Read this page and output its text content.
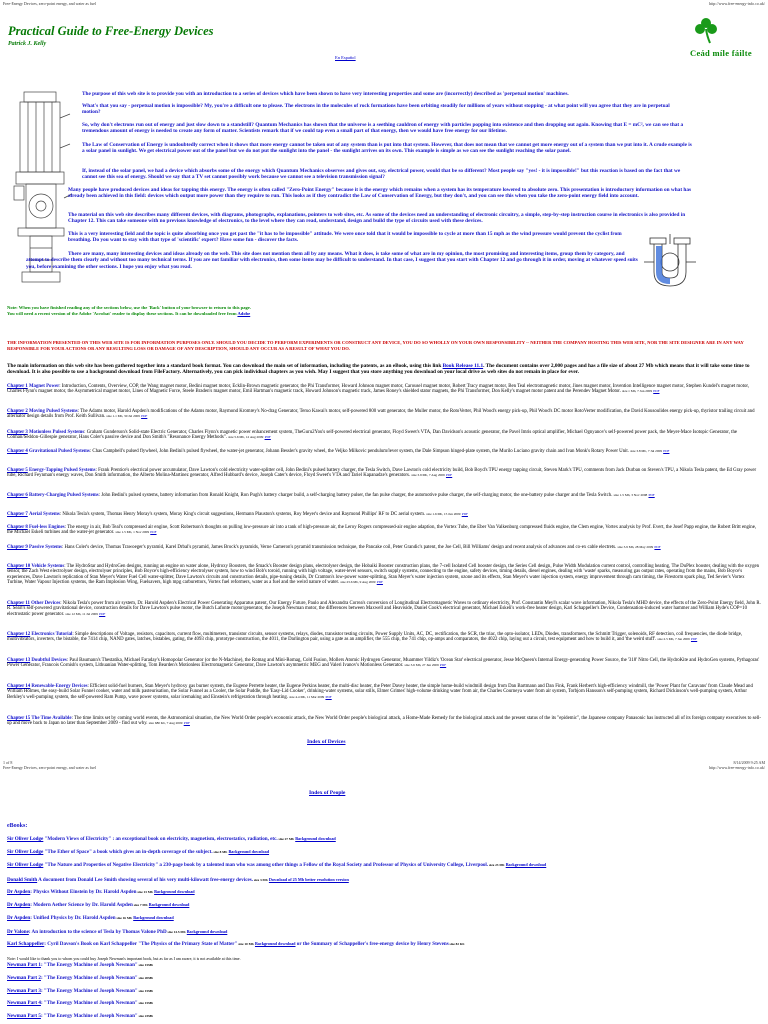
Free-Energy Devices, zero-point energy, and water as fuel	http://www.free-energy-info.co.uk/
Practical Guide to Free-Energy Devices
Patrick J. Kelly
En Español	Ceád míle fáilte

The purpose of this web site is to provide you with an introduction to a series of devices which have been shown to have very interesting properties and some are (incorrectly) described as 'perpetual motion' machines.

What's that you say - perpetual motion is impossible? My, you're a difficult one to please. The electrons in the molecules of rock formations have been orbiting steadily for millions of years without stopping - at what point will you agree that they are in perpetual motion?

So, why don't electrons run out of energy and just slow down to a standstill? Quantum Mechanics has shown that the universe is a seething cauldron of energy with particles popping into existence and then dropping out again. Knowing that E = mC², we can see that a tremendous amount of energy is needed to create any form of matter. Scientists remark that if we could tap even a small part of that energy, then we would have free energy for our lifetime.

The Law of Conservation of Energy is undoubtedly correct when it shows that more energy cannot be taken out of any system than is put into that system. However, that does not mean that we cannot get more energy out of a system than we put into it. A crude example is a solar panel in sunlight. We get electrical power out of the panel but we do not put the sunlight into the panel - the sunlight arrives on its own. This example is simple as we can see the sunlight reaching the solar panel.

If, instead of the solar panel, we had a device which absorbs some of the energy which Quantum Mechanics observes and gives out, say, electrical power, would that be so different? Most people say "yes! - it is impossible!" but this reaction is based on the fact that we cannot see this sea of energy. Should we say that a TV set cannot possibly work because we cannot see a television transmission signal?

Many people have produced devices and ideas for tapping this energy. The energy is often called "Zero-Point Energy" because it is the energy which remains when a system has its temperature lowered to absolute zero. This presentation is introductory information on what has already been achieved in this field: devices which output more power than they require to run. This looks as if they contradict the Law of Conservation of Energy, but they don't, and you can see this when you take the zero-point energy field into account.

The material on this web site describes many different devices, with diagrams, photographs, explanations, pointers to web sites, etc. As some of the devices need an understanding of electronic circuitry, a simple, step-by-step instruction course in electronics is also provided in Chapter 12. This can take someone with no previous knowledge of electronics, to the level where they can read, understand, design and build the type of circuits used with these devices.

This is a very interesting field and the topic is quite absorbing once you get past the "it has to be impossible" attitude. We were once told that it would be impossible to cycle at more than 15 mph as the wind pressure would prevent the cyclist from breathing. Do you want to stay with that type of 'scientific' expert? Have some fun - discover the facts.

There are many, many interesting devices and ideas already on the web. This site does not mention them all by any means. What it does, is take some of what are in my opinion, the most promising and interesting items, group them by category, and attempt to describe them clearly and without too many technical terms. If you are not familiar with electronics, then some items may be difficult to understand. In that case, I suggest that you start with Chapter 12 and go through it in order, moving at whatever speed suits you, before examining the other sections. I hope you enjoy what you read.

Note: When you have finished reading any of the sections below, use the 'Back' button of your browser to return to this page. You will need a recent version of the Adobe 'Acrobat' reader to display these sections. It can be downloaded free from Adobe

THE INFORMATION PRESENTED ON THIS WEB SITE IS FOR INFORMATION PURPOSES ONLY. SHOULD YOU DECIDE TO PERFORM EXPERIMENTS OR CONSTRUCT ANY DEVICE, YOU DO SO WHOLLY ON YOUR OWN RESPONSIBILITY -- NEITHER THE COMPANY HOSTING THIS WEB SITE, NOR THE SITE DESIGNER ARE IN ANY WAY RESPONSIBLE FOR YOUR ACTIONS OR ANY RESULTING LOSS OR DAMAGE OF ANY DESCRIPTION, SHOULD ANY OCCUR AS A RESULT OF WHAT YOU DO.

The main information on this web site has been gathered together into a standard book format. You can download the main set of information, including the patents, as an eBook, using this link Book Release 11.1. The document contains over 2,000 pages and has a file size of about 27 Mb which means that it will take some time to download. It is also possible to use a background download from FileFactory. Alternatively, you can pick individual chapters as you wish. May I suggest that you store anything you download on your local drive as web sites do not remain in place for ever.

Chapter 1 Magnet Power: Introduction, Contents, Overview, COP, the Wang magnet motor, Bedini magnet motor, Ecklin-Brown magnetic generator, the Phi Transformer, Howard Johnson magnet motor, Carousel magnet motor, Robert Tracy magnet motor, Ben Teal electromagnetic motor, Jines magnet motor, Invention Intelligence magnet motor, Stephen Kundel's magnet motor, Charles Flynn's magnet motor, the Asymmetrical magnet motor, Lines of Magnetic Force, Steele Braden's magnet motor, Emil Hartman's magnetic track, Howard Johnson's magnetic track, James Roney's shielded stator magnets, the Phi Transformer, Don Kelly's magnet motor patent and the Perendev Magnet Motor. size 1 Mb, 7 Jun 2009 PDF

Chapter 2 Moving Pulsed Systems: The Adams motor, Harold Aspden's modifications of the Adams motor, Raymond Kromrey's No-drag Generator, Teruo Kawai's motor, self-powered 800 watt generator, the Muller motor, the RotoVerter, Phil Wood's energy pick-up, Phil Wood's DC motor RotoVerter modification, the David Kousoulides energy pick-up, thyristor trailing circuit and alternator design details from Prof. Keith Sullivan. size 1.1 Mb, 30 Jul 2009 PDF

Chapter 3 Motionless Pulsed Systems: Graham Gunderson's Solid-state Electric Generator, Charles Flynn's magnetic power enhancement system, TheGuru2You's self-powered electrical generator, Floyd Sweet's VTA, Dan Davidson's acoustic generator, the Pavel Imris optical amplifier, Michael Ognyanov's self-powered power pack, the Meyer-Mace Isotopic Generator, the Colman/Seddon-Gillespie generator, Hans Coler's passive device and Don Smith's "Resonance Energy Methods". size 5.6 Mb, 12 Aug 2009 PDF

Chapter 4 Gravitational Pulsed Systems: Chas Campbell's pulsed flywheel, John Bedini's pulsed flywheel, the water-jet generator, Johann Bessler's gravity wheel, the Veljko Milkovic pendulum/lever system, the Dale Simpson hinged-plate system, the Murilo Luciano gravity chain and Ivan Monk's Rotary Power Unit. size 3.8 Mb, 7 Jul 2009 PDF

Chapter 5 Energy-Tapping Pulsed Systems: Frank Prentice's electrical power accumulator, Dave Lawton's cold electricity water-splitter cell, John Bedini's pulsed battery charger, the Tesla Switch, Dave Lawton's cold electricity build, Bob Boyd's TPU energy tapping circuit, Steven Mark's TPU, comments from Jack Durban on Steven's TPU, a Nikola Tesla patent, the Ed Gray power tube, Richard Feynman's energy waves, Don Smith information, the Alberto Molina-Martinez generator, Alfred Hubbard's device, Joseph Cater's device, Floyd Sweet's VTA and Tariel Kapanadze's generators. size 3.9 Mb, 7 Aug 2009 PDF

Chapter 6 Battery-Charging Pulsed Systems: John Bedini's pulsed systems, battery information from Ronald Knight, Ron Pugh's battery charger build, a self-charging battery pulser, the fan pulse charger, the automotive pulse charger, the self-charging motor, the one-battery pulse charger and the Tesla Switch. size 1.5 Mb, 3 Nov 2008 PDF

Chapter 7 Aerial Systems: Nikola Tesla's system, Thomas Henry Moray's system, Moray King's circuit suggestions, Hermann Plauston's systems, Roy Meyer's device and Raymond Phillips' RF to DC aerial system. size 1.6 Mb, 15 Jun 2009 PDF

Chapter 8 Fuel-less Engines: The energy in air, Bob Teal's compressed air engine, Scott Robertson's thoughts on pulling low-pressure air into a tank of high-pressure air, the Leroy Rogers compressed-air engine adaption, the Vortex Tube, the Eber Van Valkenburg compressed fluids engine, the Clem engine, Vortex analysis by Prof. Evert, the Josef Papp engine, the Robert Britt engine, the Michael Eskeli turbines and the water-jet generator. size 1.5 Mb, 1 Nov 2009 PDF

Chapter 9 Passive Systems: Hans Coler's device, Thomas Trawoeger's pyramid, Karel Drbal's pyramid, James Brock's pyramids, Verne Cameron's pyramid transmission technique, the Pancake coil, Peter Grandic's patent, the Joe Cell, Bill Williams' design and recent analysis of advances and co-ex cable electrets. size 3.9 Mb, 28 May 2009 PDF

Chapter 10 Vehicle Systems: The HydroStar and HydroGen designs, running an engine on water alone, Hydroxy Boosters, the Smack's Booster design plans, electrolyser design, the Hobaiki Booster construction plans, the 7-cell Isolated Cell booster design, the Series Cell design, Pulse Width Modulation current control, controlling heating, The DuPlex booster, dealing with the oxygen sensor, the Zach West electrolyser design, electrolyser principles, Bob Boyce's high-efficiency electrolyser system, how to wind Bob's toroid, running with high voltage, water-level sensors, switch supply systems, connecting to the engine, safety devices, timing details, diesel engines, dealing with 'waste' sparks, measuring gas output rates, operating from the mains, Bob Boyce's experiences, Dave Lawton's replication of Stan Meyer's Water Fuel Cell water-splitter, Dave Lawton's circuits and construction details, pipe-tuning details, Dr Cramton's low-power water-splitting, Stan Meyer's water injection system, ozone and its effects, Stan Meyer's water injection system, energy improvement through cam timing, the Firestorm spark plug, Ted Sevier's Vortex Turbine, Water Vapour Injection systems, the Ram Implosion Wing, Fuelsavers, high mpg carburettors, Vortex fuel reformers, water as a fuel and the weird nature of water. size 23.6 Mb, 9 Aug 2009 PDF

Chapter 11 Other Devices: Nikola Tesla's power from air system, Dr. Harold Aspden's Electrical Power Generating Apparatus patent, Our Energy Future, Paulo and Alexandra Correa's conversion of Longitudinal Electromagnetic Waves to ordinary electricity, Prof. Constantin Meyl's scalar wave information, Nikola Tesla's MHD device, the effects of the Zero-Point Energy field, John R. R. Searl's self-powered gravitational device, construction details for Dave Lawton's pulse motor, the Butch Lafonte motor/generator, the Joseph Newman motor, the differences between Maxwell and Heaviside, Daniel Cook's electrical generator, Michael Eskeli's work-free heater design, Karl Schappeller's Device, Condensation-induced water hammer and William Hyde's COP=10 electrostatic power generator. size 12 Mb, 11 Jul 2009 PDF

Chapter 12 Electronics Tutorial: Simple descriptions of Voltage, resistors, capacitors, current flow, multimeters, transistor circuits, sensor systems, relays, diodes, transistor testing circuits, Power Supply Units, AC, DC, rectification, the SCR, the triac, the opto-isolator, LEDs, Diodes, transformers, the Schmitt Trigger, solenoids, RF detection, coil frequencies, the diode bridge, multivibrators, inverters, the bistable, the 7414 chip, NAND gates, latches, bistables, gating, the 4093 chip, prototype construction, the 4011, the Darlington pair, using a gate as an amplifier, the 555 chip, the 741 chip, op-amps and comparators, the 4022 chip, laying out a circuit, test equipment and how to build it, and 'the weird stuff'. size 2.5 Mb, 7 Jan 2009 PDF

Chapter 13 Doubtful Devices: Paul Baumann's Thestatika, Michael Faraday's Homopolar Generator (or the N-Machine), the Romag and Mini-Romag, Cold Fusion, Mollers Atomic Hydrogen Generator, Muammer Yildiz's 'Ocean Star' electrical generator, Jesse McQueen's Internal Energy-generating Power Source, the '318' Nitro Cell, the HydroKite and HydroGen systems, Pythagoras' Power Generator, Francois Cornish's system, Lithuanian Water-splitting, Tom Bearden's Motionless Electromagnetic Generator, Dave Lawton's asymmetric MEG and Valeri Ivanov's Motionless Generator. size 3.6 Mb, 27 Jun 2009 PDF

Chapter 14 Renewable-Energy Devices: Efficient solid-fuel burners, Stan Meyer's hydroxy gas burner system, the Eugene Perrette heater, the Eugene Perkins heater, the multi-disc heater, the Peter Davey heater, the simple home-build windmill design from Dan Bartmann and Dan Fink, Frank Herbert's high-efficiency windmill, the 'Power Plant for Caravans' from Claude Mead and William Holmes, the easy-build Solar Funnel cooker, water and milk pasteurisation, the Solar Funnel as a Cooler, the Solar Puddle, the 'Easy-Lid Cooker', drinking-water systems, solar stills, Elmer Grimes' high-volume drinking water from air, the Charles Courneya water from air system, Torbjorn Hansson's self-pumping system, Richard Dickinson's well-pumping system, Arthur Berkley's well-pumping system, the self-powered Ram Pump, wave power systems, solar icemaking and Einstein's refrigeration through heating. size 4.4 Mb, 11 Mar 2009 PDF

Chapter 15 The Time Available: The time limits set by coming world events, the Astronomical situation, the New World Order people's economic attack, the New World Order people's biological attack, a Home-Made Remedy for the biological attack and the present status of the its "epidemic", the Japanese company Panasonic has instructed all of its foreign company executives to sell-up and move back to Japan no later than September 2009 - find out why. size 680 Kb, 7 Aug 2009 PDF

Index of Devices
1 of 8	8/14/2009 9:25 AM
Free-Energy Devices, zero-point energy, and water as fuel	http://www.free-energy-info.co.uk/
Index of People
eBooks:

Sir Oliver Lodge "Modern Views of Electricity" : an exceptional book on electricity, magnetism, electrostatics, radiation, etc. size 27 Mb Background download

Sir Oliver Lodge "The Ether of Space" a book which gives an in-depth coverage of the subject. size 8 Mb Background download

Sir Oliver Lodge "The Nature and Properties of Negative Electricity" a 230-page book by a talented man who was among other things a Fellow of the Royal Society and Professor of Physics of University College, Liverpool. size 23 Mb Background download

Donald Smith A document from Donald Lee Smith showing several of his very multi-kilowatt free-energy devices. size 3 Mb Download of 25 Mb better resolution version

Dr Aspden: Physics Without Einstein by Dr. Harold Aspden size 13 Mb Background download

Dr Aspden: Modern Aether Science by Dr. Harold Aspden size 7 Mb Background download

Dr Aspden: Unified Physics by Dr. Harold Aspden size 16 Mb Background download

Dr Valone: An introduction to the science of Tesla by Thomas Valone PhD size 14.5 Mb Background download

Karl Schappeller: Cyril Davson's Book on Karl Schappeller "The Physics of the Primary State of Matter" size 10 Mb Background download or the Summary of Schappeller's free-energy device by Henry Stevens size 82 Kb

Note: I would like to thank you to whom you could buy Joseph Newman's important book, but as far as I am aware, it is not available at this time.

Newman Part 1: "The Energy Machine of Joseph Newman" size 15Mb

Newman Part 2: "The Energy Machine of Joseph Newman" size 20Mb

Newman Part 3: "The Energy Machine of Joseph Newman" size 15Mb

Newman Part 4: "The Energy Machine of Joseph Newman" size 15Mb

Newman Part 5: "The Energy Machine of Joseph Newman" size 23Mb
